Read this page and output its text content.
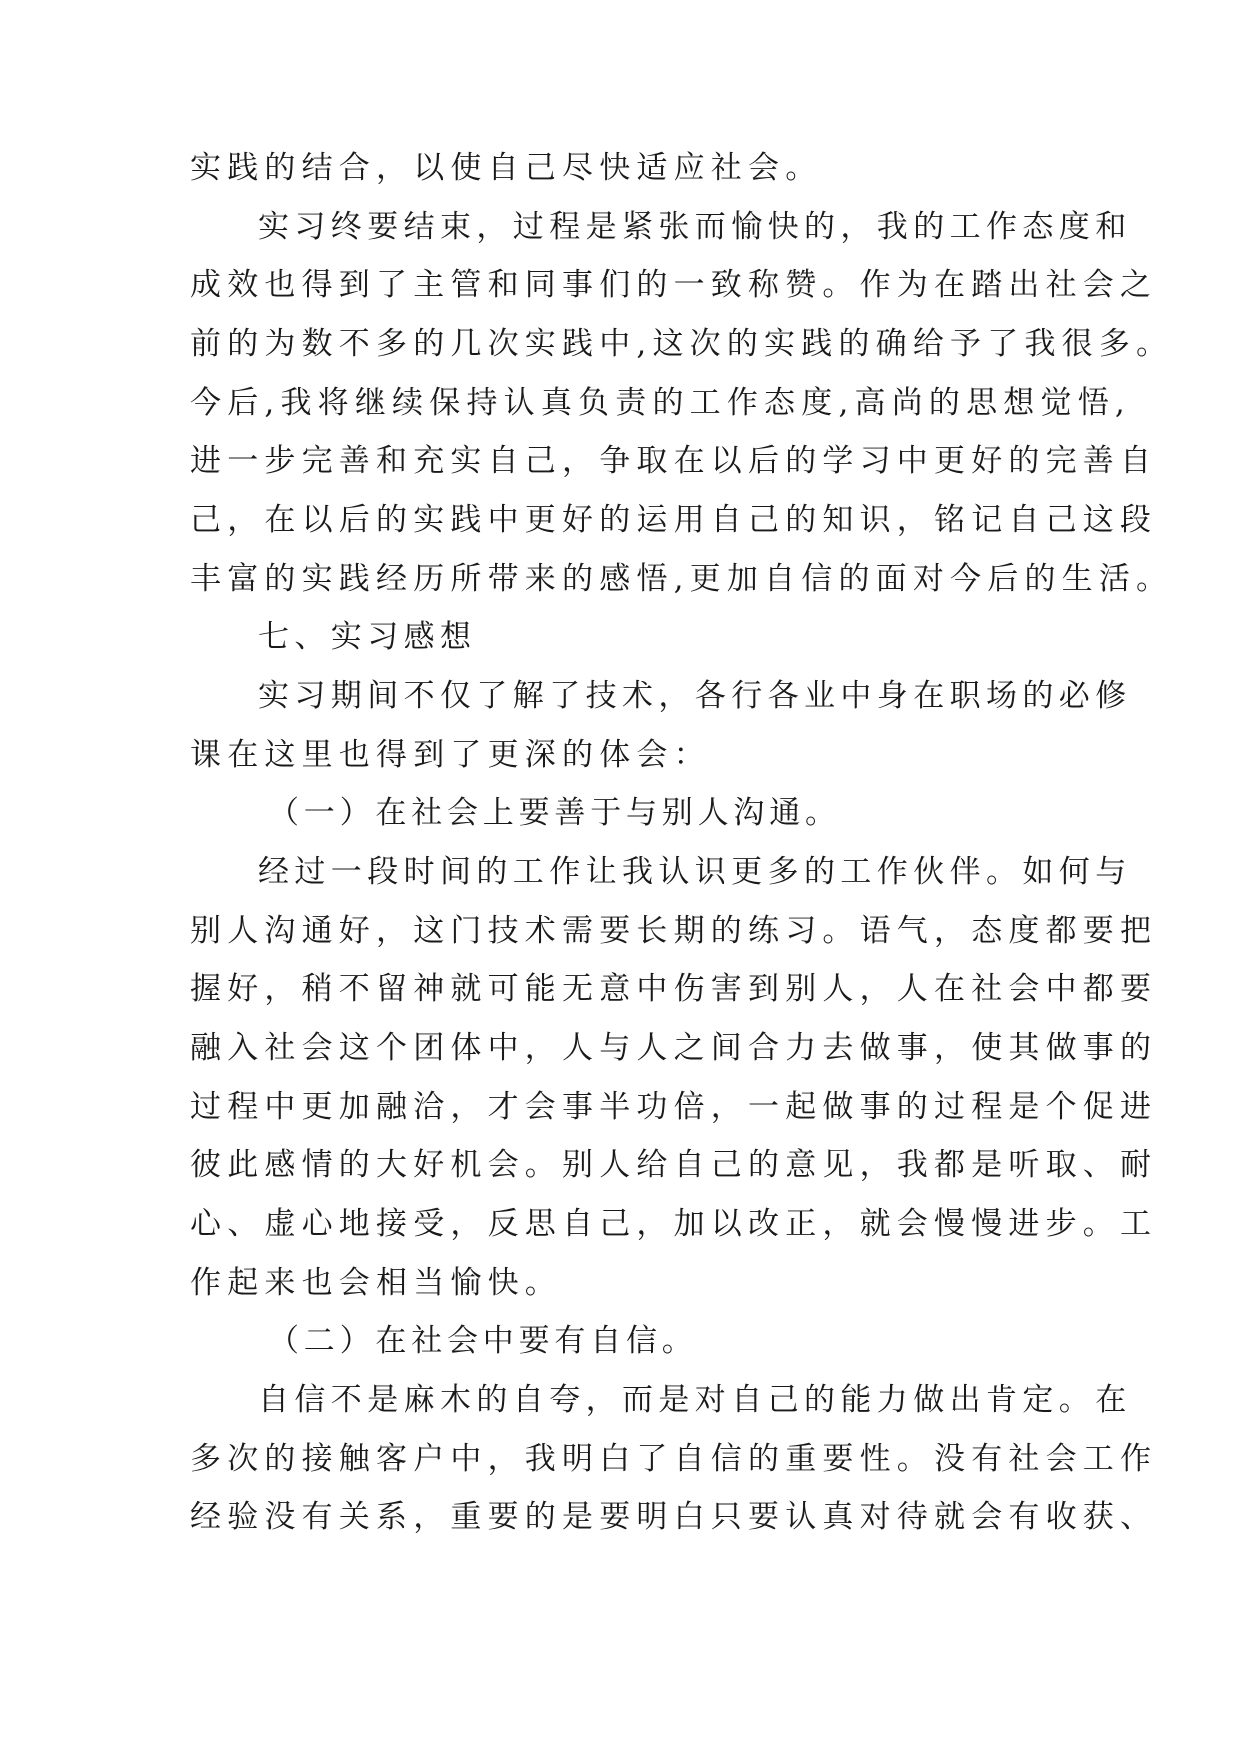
实践的结合，以使自己尽快适应社会。
实习终要结束，过程是紧张而愉快的，我的工作态度和
成效也得到了主管和同事们的一致称赞。作为在踏出社会之
前的为数不多的几次实践中,这次的实践的确给予了我很多。
今后,我将继续保持认真负责的工作态度,高尚的思想觉悟,
进一步完善和充实自己，争取在以后的学习中更好的完善自
己，在以后的实践中更好的运用自己的知识，铭记自己这段
丰富的实践经历所带来的感悟,更加自信的面对今后的生活。
七、实习感想
实习期间不仅了解了技术，各行各业中身在职场的必修
课在这里也得到了更深的体会：
（一）在社会上要善于与别人沟通。
经过一段时间的工作让我认识更多的工作伙伴。如何与
别人沟通好，这门技术需要长期的练习。语气，态度都要把
握好，稍不留神就可能无意中伤害到别人，人在社会中都要
融入社会这个团体中，人与人之间合力去做事，使其做事的
过程中更加融洽，才会事半功倍，一起做事的过程是个促进
彼此感情的大好机会。别人给自己的意见，我都是听取、耐
心、虚心地接受，反思自己，加以改正，就会慢慢进步。工
作起来也会相当愉快。
（二）在社会中要有自信。
自信不是麻木的自夸，而是对自己的能力做出肯定。在
多次的接触客户中，我明白了自信的重要性。没有社会工作
经验没有关系，重要的是要明白只要认真对待就会有收获、
